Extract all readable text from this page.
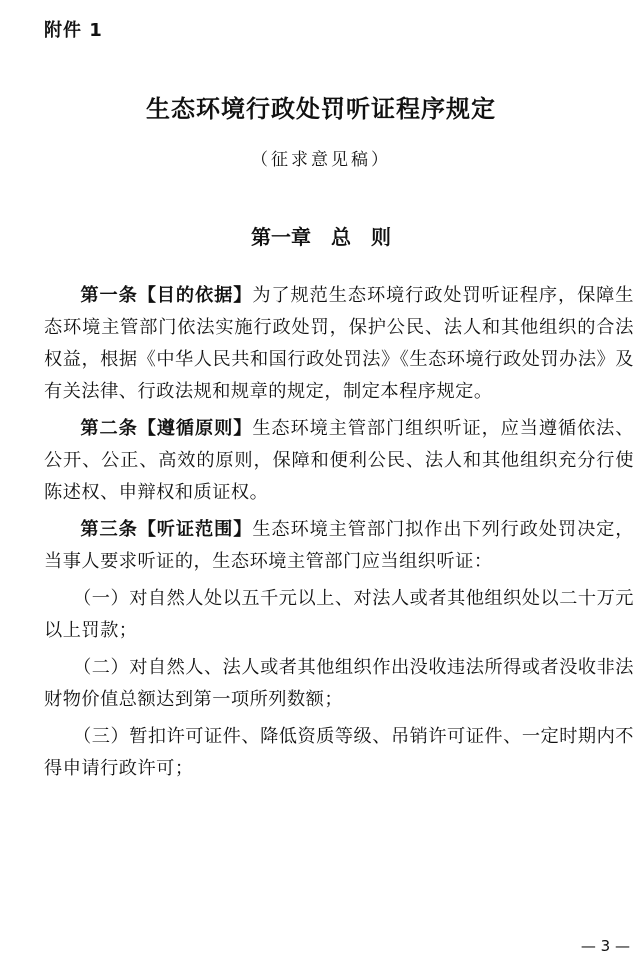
附件 1
生态环境行政处罚听证程序规定
（征求意见稿）
第一章　总　则

第一条【目的依据】为了规范生态环境行政处罚听证程序，保障生态环境主管部门依法实施行政处罚，保护公民、法人和其他组织的合法权益，根据《中华人民共和国行政处罚法》《生态环境行政处罚办法》及有关法律、行政法规和规章的规定，制定本程序规定。

第二条【遵循原则】生态环境主管部门组织听证，应当遵循依法、公开、公正、高效的原则，保障和便利公民、法人和其他组织充分行使陈述权、申辩权和质证权。

第三条【听证范围】生态环境主管部门拟作出下列行政处罚决定，当事人要求听证的，生态环境主管部门应当组织听证：

（一）对自然人处以五千元以上、对法人或者其他组织处以二十万元以上罚款；

（二）对自然人、法人或者其他组织作出没收违法所得或者没收非法财物价值总额达到第一项所列数额；

（三）暂扣许可证件、降低资质等级、吊销许可证件、一定时期内不得申请行政许可；

— 3 —
